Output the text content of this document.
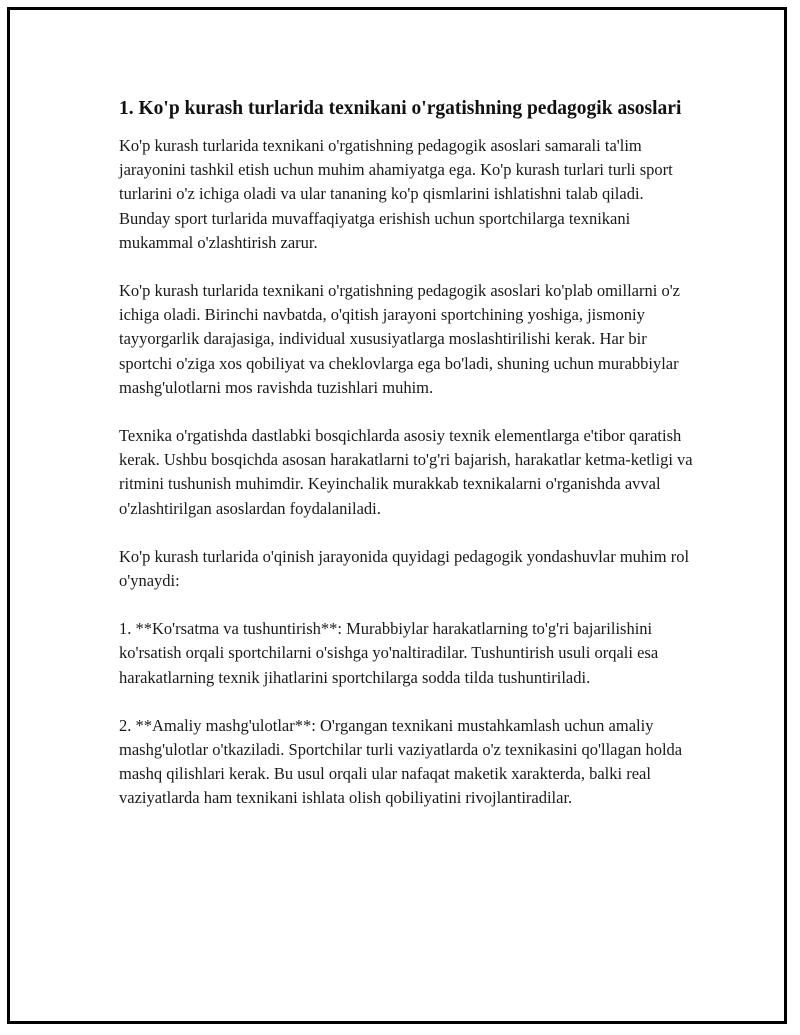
1. Ko'p kurash turlarida texnikani o'rgatishning pedagogik asoslari

Ko'p kurash turlarida texnikani o'rgatishning pedagogik asoslari samarali ta'lim jarayonini tashkil etish uchun muhim ahamiyatga ega. Ko'p kurash turlari turli sport turlarini o'z ichiga oladi va ular tananing ko'p qismlarini ishlatishni talab qiladi. Bunday sport turlarida muvaffaqiyatga erishish uchun sportchilarga texnikani mukammal o'zlashtirish zarur.

Ko'p kurash turlarida texnikani o'rgatishning pedagogik asoslari ko'plab omillarni o'z ichiga oladi. Birinchi navbatda, o'qitish jarayoni sportchining yoshiga, jismoniy tayyorgarlik darajasiga, individual xususiyatlarga moslashtirilishi kerak. Har bir sportchi o'ziga xos qobiliyat va cheklovlarga ega bo'ladi, shuning uchun murabbiylar mashg'ulotlarni mos ravishda tuzishlari muhim.

Texnika o'rgatishda dastlabki bosqichlarda asosiy texnik elementlarga e'tibor qaratish kerak. Ushbu bosqichda asosan harakatlarni to'g'ri bajarish, harakatlar ketma-ketligi va ritmini tushunish muhimdir. Keyinchalik murakkab texnikalarni o'rganishda avval o'zlashtirilgan asoslardan foydalaniladi.

Ko'p kurash turlarida o'qinish jarayonida quyidagi pedagogik yondashuvlar muhim rol o'ynaydi:

1. **Ko'rsatma va tushuntirish**: Murabbiylar harakatlarning to'g'ri bajarilishini ko'rsatish orqali sportchilarni o'sishga yo'naltiradilar. Tushuntirish usuli orqali esa harakatlarning texnik jihatlarini sportchilarga sodda tilda tushuntiriladi.

2. **Amaliy mashg'ulotlar**: O'rgangan texnikani mustahkamlash uchun amaliy mashg'ulotlar o'tkaziladi. Sportchilar turli vaziyatlarda o'z texnikasini qo'llagan holda mashq qilishlari kerak. Bu usul orqali ular nafaqat maketik xarakterda, balki real vaziyatlarda ham texnikani ishlata olish qobiliyatini rivojlantiradilar.
